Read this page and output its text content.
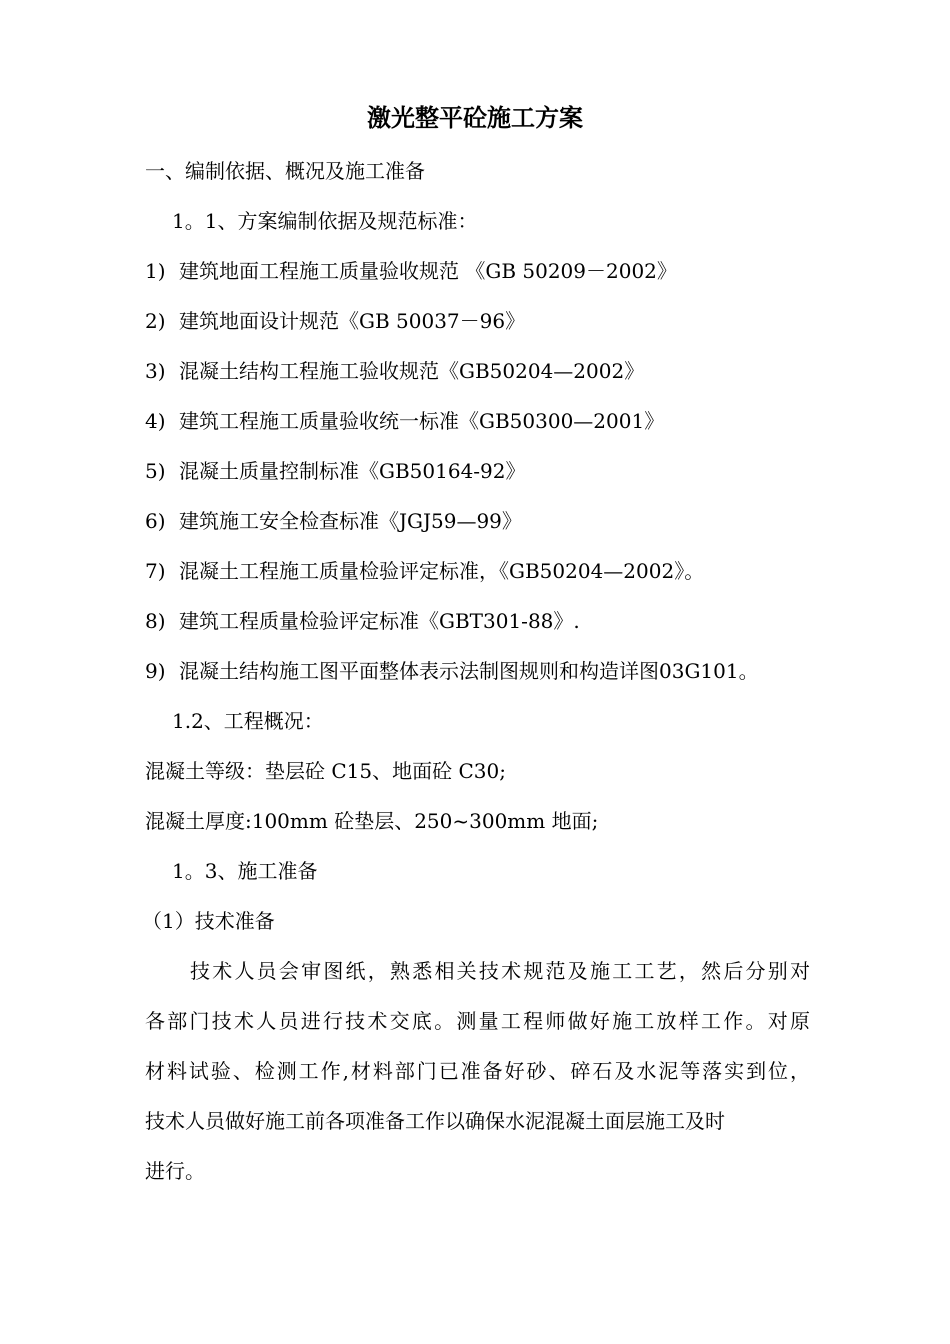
激光整平砼施工方案

一、编制依据、概况及施工准备

1。1、方案编制依据及规范标准：

1) 建筑地面工程施工质量验收规范 《GB 50209－2002》
2) 建筑地面设计规范《GB 50037－96》
3) 混凝土结构工程施工验收规范《GB50204—2002》
4) 建筑工程施工质量验收统一标准《GB50300—2001》
5) 混凝土质量控制标准《GB50164-92》
6) 建筑施工安全检查标准《JGJ59—99》
7) 混凝土工程施工质量检验评定标准，《GB50204—2002》。
8) 建筑工程质量检验评定标准《GBT301-88》.
9) 混凝土结构施工图平面整体表示法制图规则和构造详图03G101。

1.2、工程概况：

混凝土等级：垫层砼 C15、地面砼 C30;

混凝土厚度:100mm 砼垫层、250~300mm 地面;

1。3、施工准备

（1）技术准备

技术人员会审图纸，熟悉相关技术规范及施工工艺，然后分别对
各部门技术人员进行技术交底。测量工程师做好施工放样工作。对原
材料试验、检测工作,材料部门已准备好砂、碎石及水泥等落实到位，
技术人员做好施工前各项准备工作以确保水泥混凝土面层施工及时
进行。
